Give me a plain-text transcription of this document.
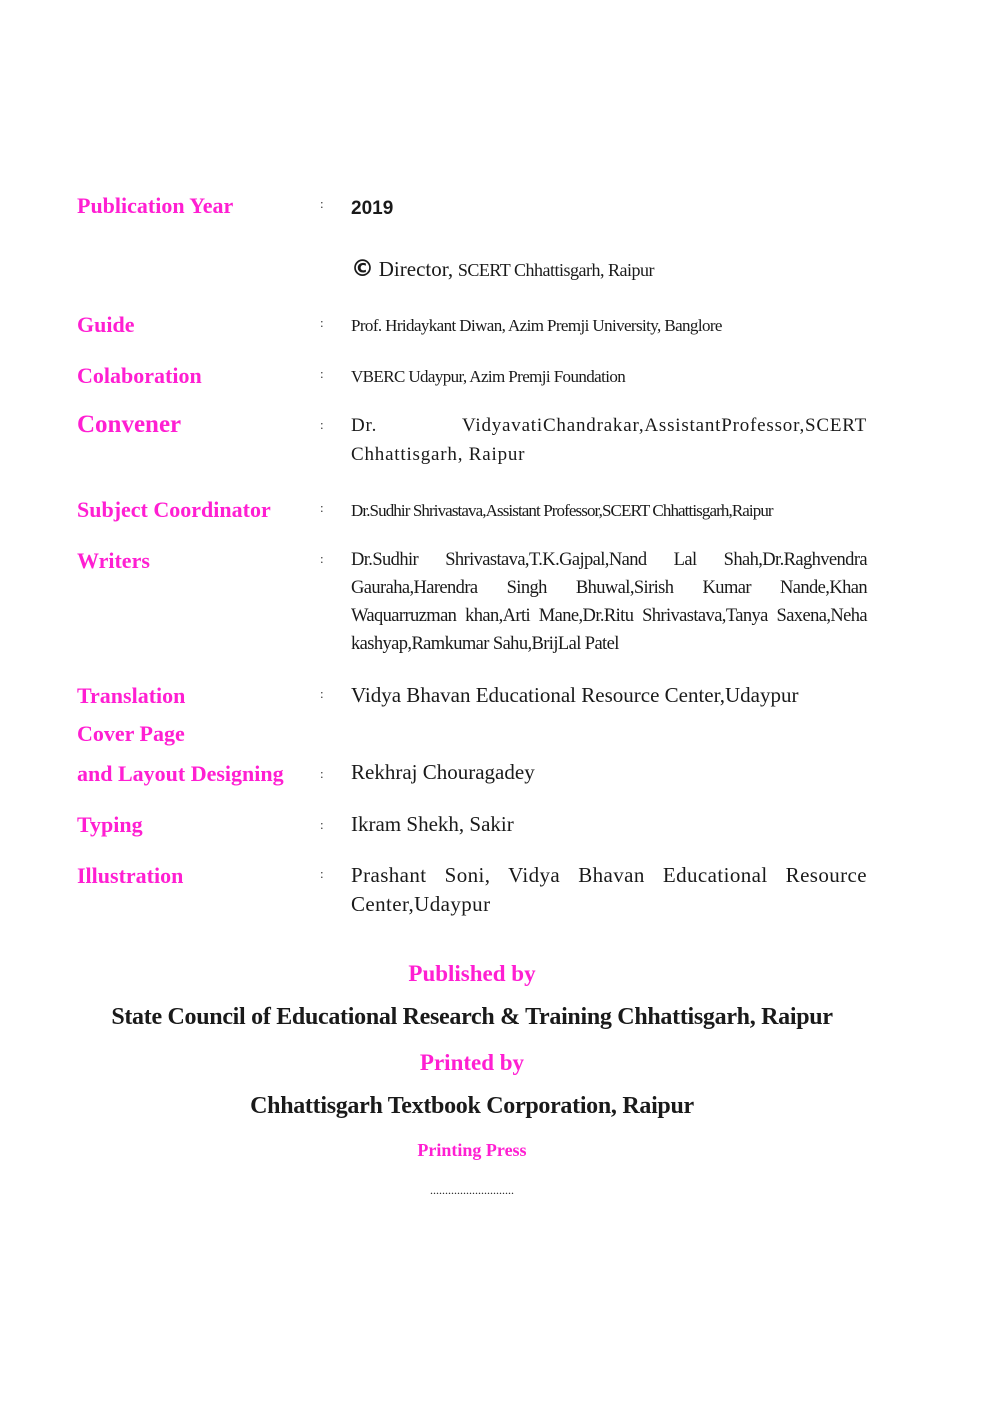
Publication Year	: 2019
© Director, SCERT Chhattisgarh, Raipur
Guide	: Prof. Hridaykant Diwan, Azim Premji University, Banglore
Colaboration	: VBERC Udaypur, Azim Premji Foundation
Convener	: Dr. VidyavatiChandrakar,AssistantProfessor,SCERT Chhattisgarh, Raipur
Subject Coordinator	: Dr.Sudhir Shrivastava,Assistant Professor,SCERT Chhattisgarh,Raipur
Writers	: Dr.Sudhir Shrivastava,T.K.Gajpal,Nand Lal Shah,Dr.Raghvendra Gauraha,Harendra Singh Bhuwal,Sirish Kumar Nande,Khan Waquarruzman khan,Arti Mane,Dr.Ritu Shrivastava,Tanya Saxena,Neha kashyap,Ramkumar Sahu,BrijLal Patel
Translation	: Vidya Bhavan Educational Resource Center,Udaypur
Cover Page
and Layout Designing	: Rekhraj Chouragadey
Typing	: Ikram Shekh, Sakir
Illustration	: Prashant Soni, Vidya Bhavan Educational Resource Center,Udaypur
Published by
State Council of Educational Research & Training Chhattisgarh, Raipur
Printed by
Chhattisgarh Textbook Corporation, Raipur
Printing Press
............................
